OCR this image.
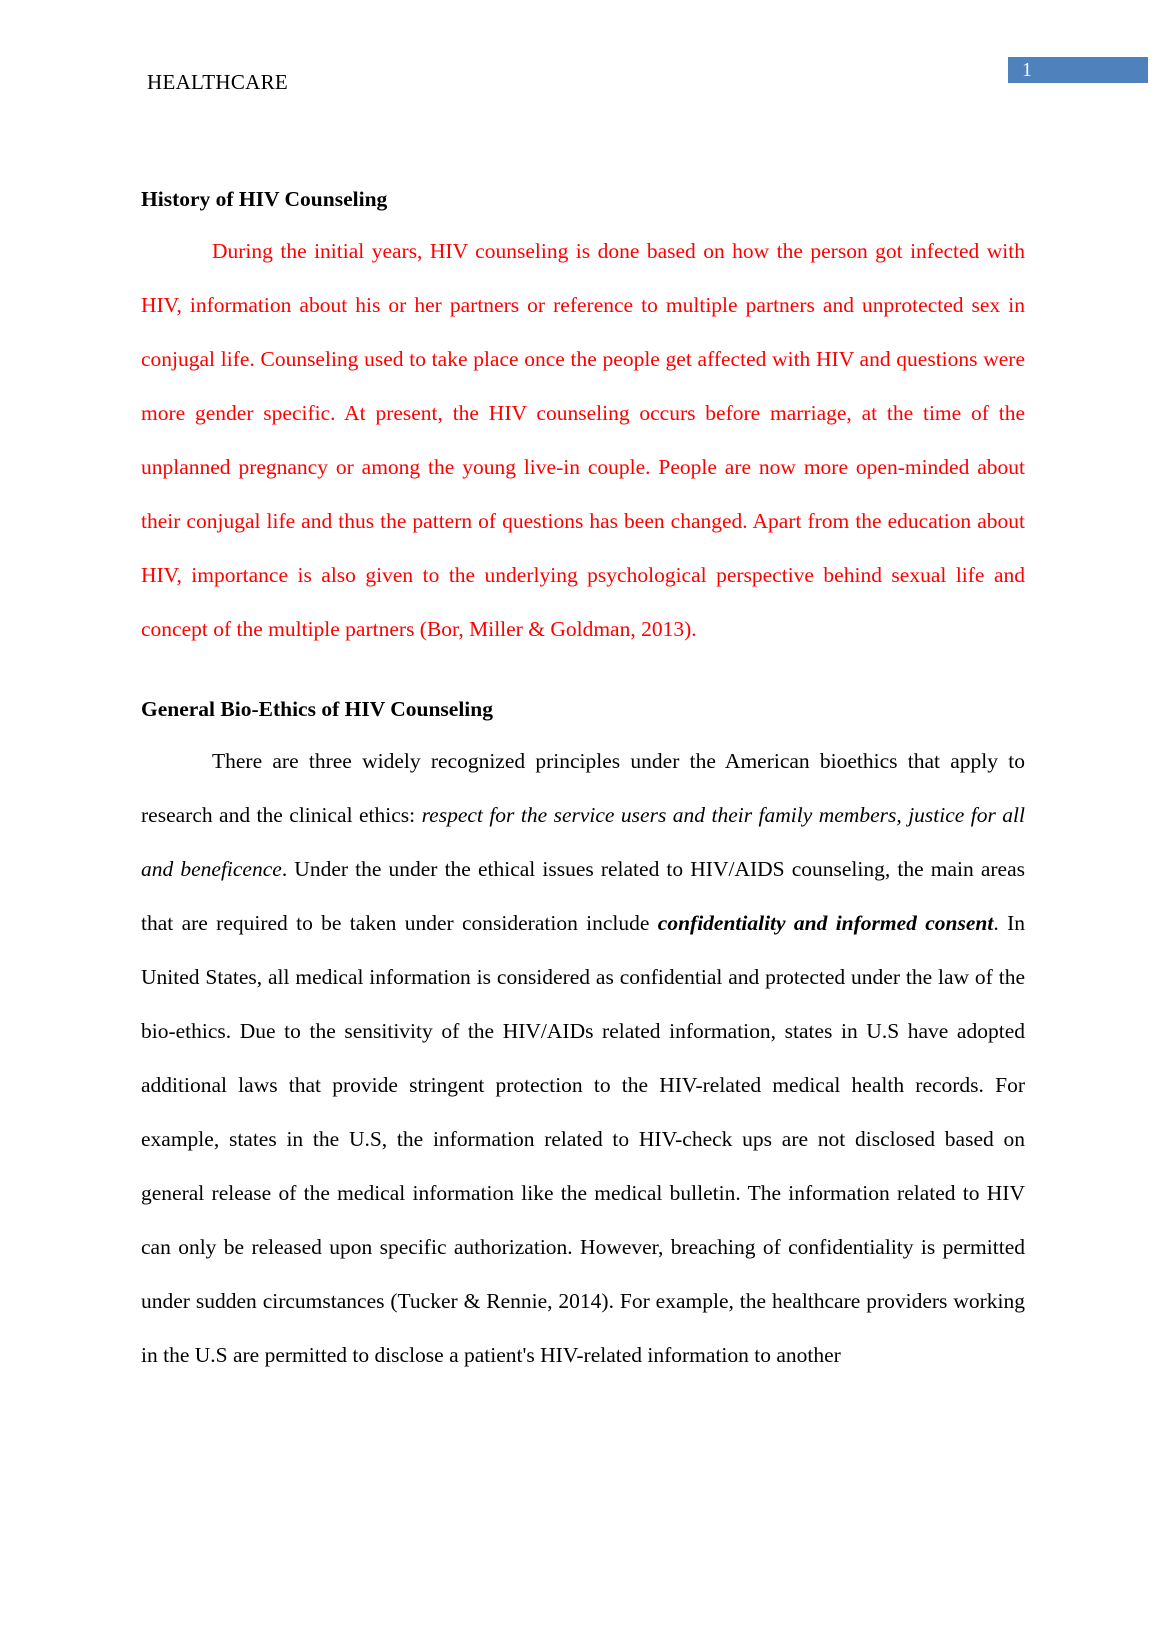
HEALTHCARE	1
History of HIV Counseling

During the initial years, HIV counseling is done based on how the person got infected with HIV, information about his or her partners or reference to multiple partners and unprotected sex in conjugal life. Counseling used to take place once the people get affected with HIV and questions were more gender specific. At present, the HIV counseling occurs before marriage, at the time of the unplanned pregnancy or among the young live-in couple. People are now more open-minded about their conjugal life and thus the pattern of questions has been changed. Apart from the education about HIV, importance is also given to the underlying psychological perspective behind sexual life and concept of the multiple partners (Bor, Miller & Goldman, 2013).

General Bio-Ethics of HIV Counseling

There are three widely recognized principles under the American bioethics that apply to research and the clinical ethics: respect for the service users and their family members, justice for all and beneficence. Under the under the ethical issues related to HIV/AIDS counseling, the main areas that are required to be taken under consideration include confidentiality and informed consent. In United States, all medical information is considered as confidential and protected under the law of the bio-ethics. Due to the sensitivity of the HIV/AIDs related information, states in U.S have adopted additional laws that provide stringent protection to the HIV-related medical health records. For example, states in the U.S, the information related to HIV-check ups are not disclosed based on general release of the medical information like the medical bulletin. The information related to HIV can only be released upon specific authorization. However, breaching of confidentiality is permitted under sudden circumstances (Tucker & Rennie, 2014). For example, the healthcare providers working in the U.S are permitted to disclose a patient's HIV-related information to another
